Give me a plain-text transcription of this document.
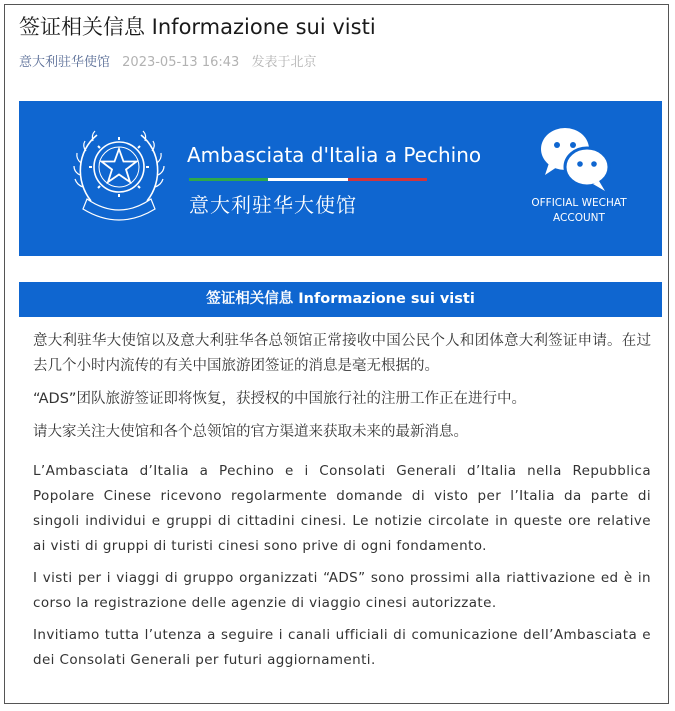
签证相关信息 Informazione sui visti
意大利驻华使馆 2023-05-13 16:43 发表于北京
Ambasciata d'Italia a Pechino
意大利驻华大使馆	OFFICIAL WECHAT
ACCOUNT
签证相关信息 Informazione sui visti

意大利驻华大使馆以及意大利驻华各总领馆正常接收中国公民个人和团体意大利签证申请。在过去几个小时内流传的有关中国旅游团签证的消息是毫无根据的。

“ADS”团队旅游签证即将恢复，获授权的中国旅行社的注册工作正在进行中。

请大家关注大使馆和各个总领馆的官方渠道来获取未来的最新消息。

L’Ambasciata d’Italia a Pechino e i Consolati Generali d’Italia nella Repubblica Popolare Cinese ricevono regolarmente domande di visto per l’Italia da parte di singoli individui e gruppi di cittadini cinesi. Le notizie circolate in queste ore relative ai visti di gruppi di turisti cinesi sono prive di ogni fondamento.

I visti per i viaggi di gruppo organizzati “ADS” sono prossimi alla riattivazione ed è in corso la registrazione delle agenzie di viaggio cinesi autorizzate.

Invitiamo tutta l’utenza a seguire i canali ufficiali di comunicazione dell’Ambasciata e dei Consolati Generali per futuri aggiornamenti.
